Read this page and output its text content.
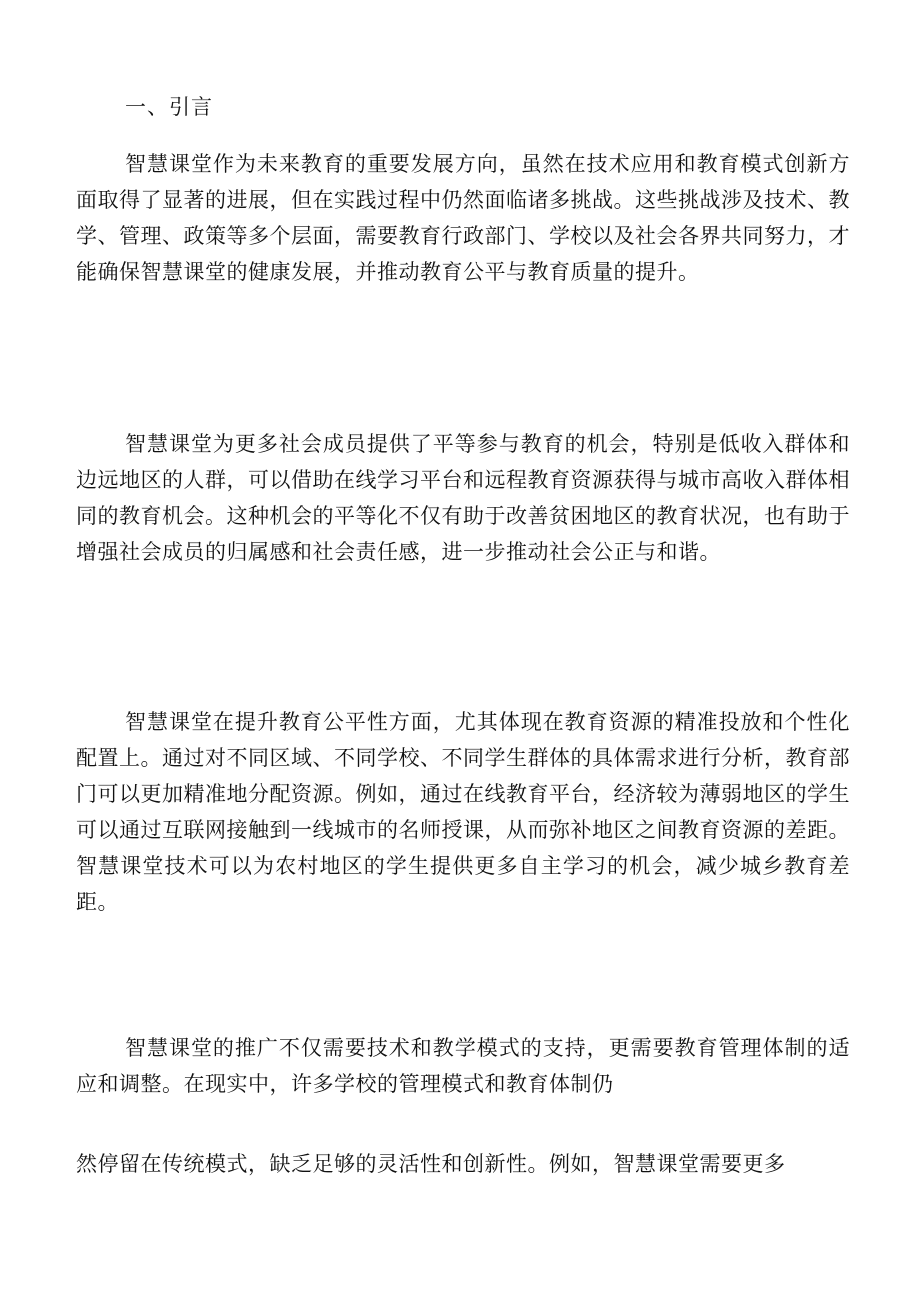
一、引言

智慧课堂作为未来教育的重要发展方向，虽然在技术应用和教育模式创新方面取得了显著的进展，但在实践过程中仍然面临诸多挑战。这些挑战涉及技术、教学、管理、政策等多个层面，需要教育行政部门、学校以及社会各界共同努力，才能确保智慧课堂的健康发展，并推动教育公平与教育质量的提升。

智慧课堂为更多社会成员提供了平等参与教育的机会，特别是低收入群体和边远地区的人群，可以借助在线学习平台和远程教育资源获得与城市高收入群体相同的教育机会。这种机会的平等化不仅有助于改善贫困地区的教育状况，也有助于增强社会成员的归属感和社会责任感，进一步推动社会公正与和谐。

智慧课堂在提升教育公平性方面，尤其体现在教育资源的精准投放和个性化配置上。通过对不同区域、不同学校、不同学生群体的具体需求进行分析，教育部门可以更加精准地分配资源。例如，通过在线教育平台，经济较为薄弱地区的学生可以通过互联网接触到一线城市的名师授课，从而弥补地区之间教育资源的差距。智慧课堂技术可以为农村地区的学生提供更多自主学习的机会，减少城乡教育差距。

智慧课堂的推广不仅需要技术和教学模式的支持，更需要教育管理体制的适应和调整。在现实中，许多学校的管理模式和教育体制仍

然停留在传统模式，缺乏足够的灵活性和创新性。例如，智慧课堂需要更多
